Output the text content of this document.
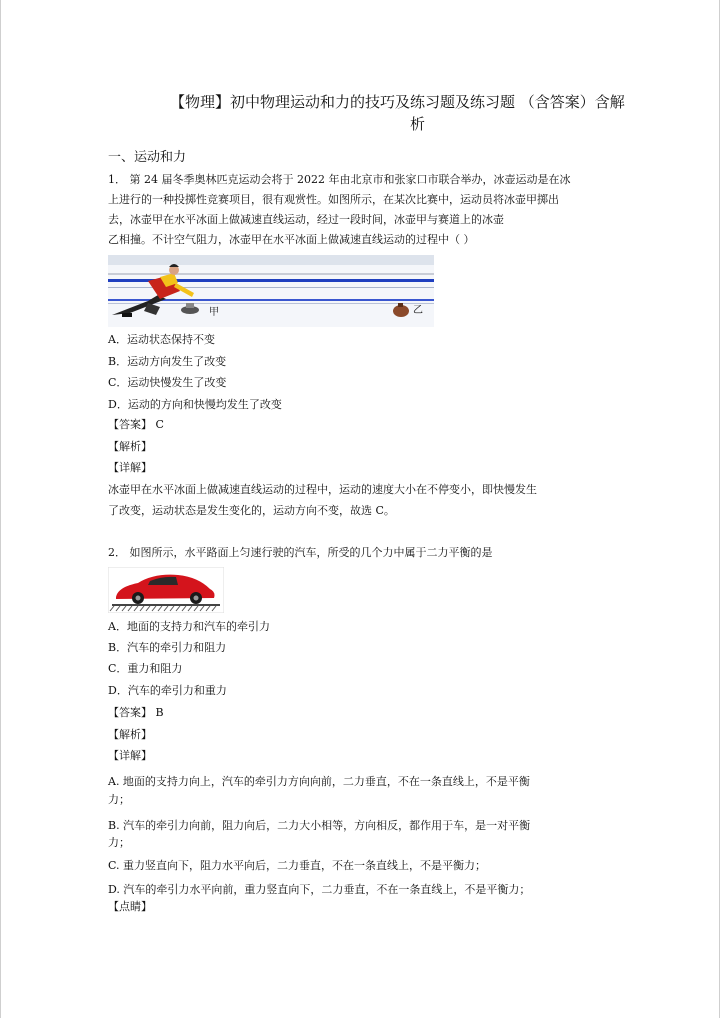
【物理】初中物理运动和力的技巧及练习题及练习题 （含答案）含解
析
一、运动和力
1． 第 24 届冬季奥林匹克运动会将于 2022 年由北京市和张家口市联合举办，冰壶运动是在冰
上进行的一种投掷性竞赛项目，很有观赏性。如图所示，在某次比赛中，运动员将冰壶甲掷出
去，冰壶甲在水平冰面上做减速直线运动，经过一段时间，冰壶甲与赛道上的冰壶
乙相撞。不计空气阻力，冰壶甲在水平冰面上做减速直线运动的过程中（ ）
甲	乙
A．运动状态保持不变
B．运动方向发生了改变
C．运动快慢发生了改变
D．运动的方向和快慢均发生了改变
【答案】 C
【解析】
【详解】
冰壶甲在水平冰面上做减速直线运动的过程中，运动的速度大小在不停变小，即快慢发生
了改变，运动状态是发生变化的，运动方向不变，故选 C。
2． 如图所示，水平路面上匀速行驶的汽车，所受的几个力中属于二力平衡的是
A．地面的支持力和汽车的牵引力
B．汽车的牵引力和阻力
C．重力和阻力
D．汽车的牵引力和重力
【答案】 B
【解析】
【详解】
A. 地面的支持力向上，汽车的牵引力方向向前，二力垂直，不在一条直线上，不是平衡
力；
B. 汽车的牵引力向前，阻力向后，二力大小相等，方向相反，都作用于车，是一对平衡
力；
C. 重力竖直向下，阻力水平向后，二力垂直，不在一条直线上，不是平衡力；
D. 汽车的牵引力水平向前，重力竖直向下，二力垂直，不在一条直线上，不是平衡力；
【点睛】
